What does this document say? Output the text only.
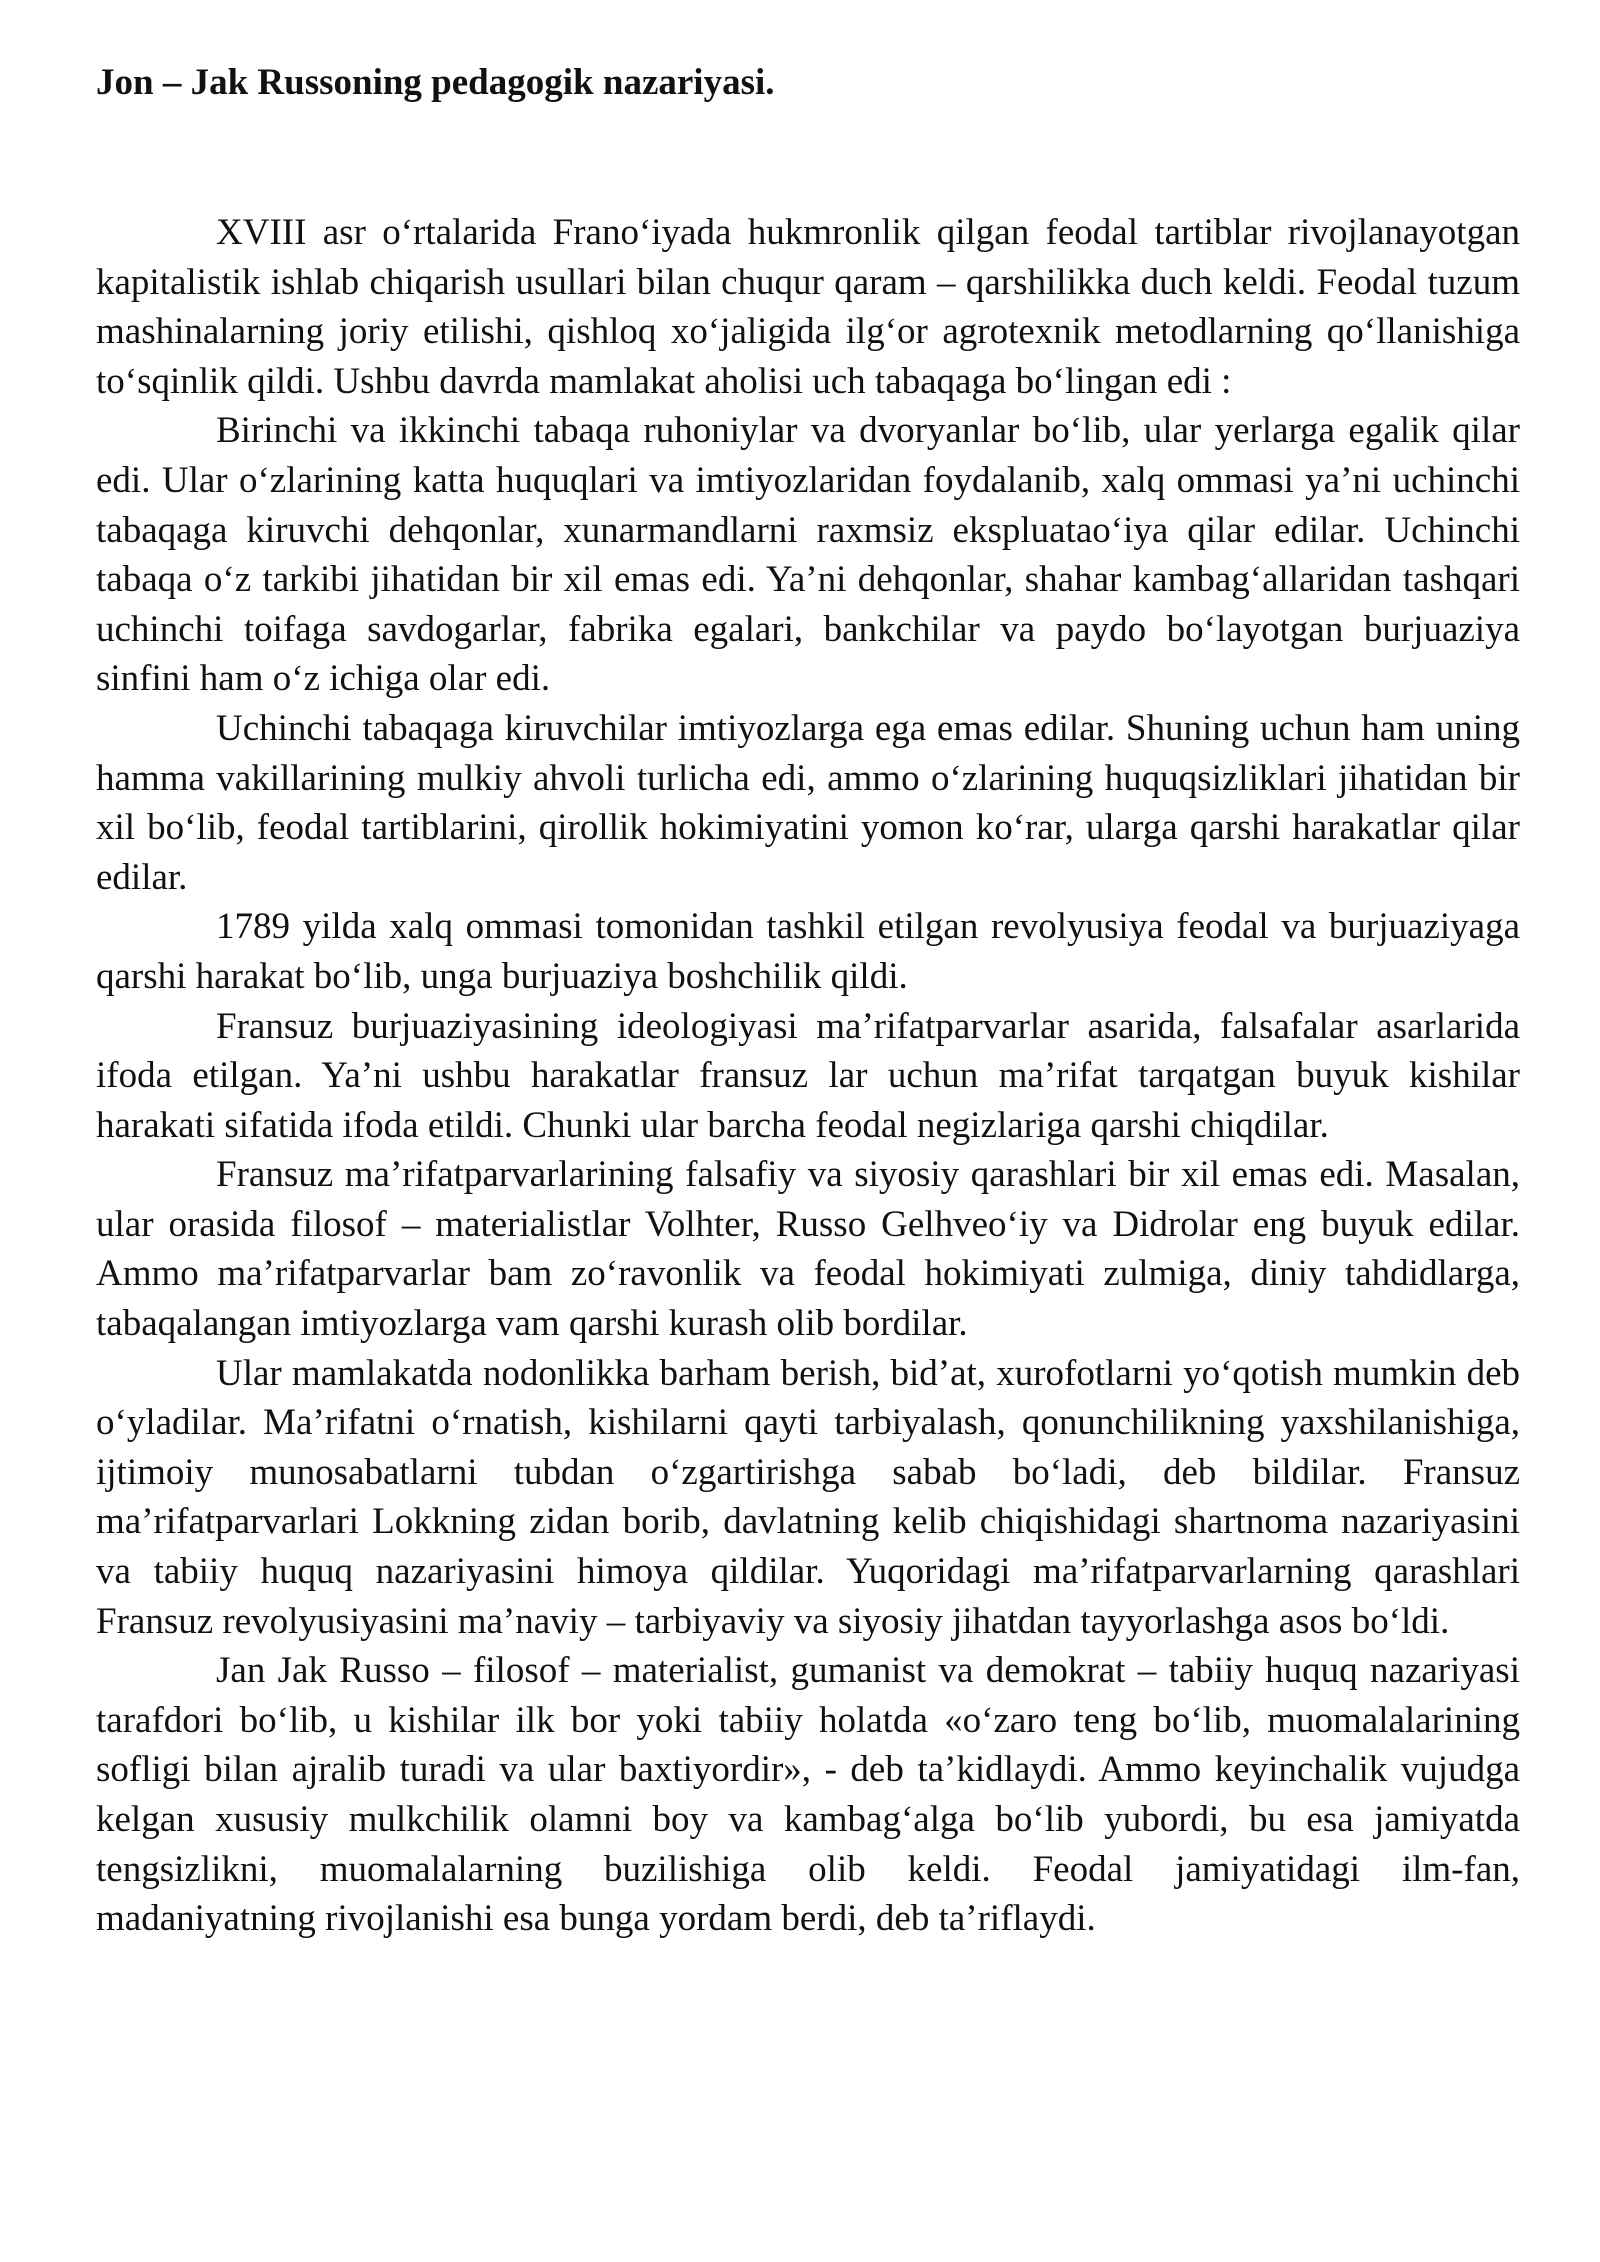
Jon – Jak Russoning pedagogik nazariyasi.

XVIII asr o‘rtalarida Frano‘iyada hukmronlik qilgan feodal tartiblar rivojlanayotgan kapitalistik ishlab chiqarish usullari bilan chuqur qaram – qarshilikka duch keldi. Feodal tuzum mashinalarning joriy etilishi, qishloq xo‘jaligida ilg‘or agrotexnik metodlarning qo‘llanishiga to‘sqinlik qildi. Ushbu davrda mamlakat aholisi uch tabaqaga bo‘lingan edi :

Birinchi va ikkinchi tabaqa ruhoniylar va dvoryanlar bo‘lib, ular yerlarga egalik qilar edi. Ular o‘zlarining katta huquqlari va imtiyozlaridan foydalanib, xalq ommasi ya’ni uchinchi tabaqaga kiruvchi dehqonlar, xunarmandlarni raxmsiz ekspluatao‘iya qilar edilar. Uchinchi tabaqa o‘z tarkibi jihatidan bir xil emas edi. Ya’ni dehqonlar, shahar kambag‘allaridan tashqari uchinchi toifaga savdogarlar, fabrika egalari, bankchilar va paydo bo‘layotgan burjuaziya sinfini ham o‘z ichiga olar edi.

Uchinchi tabaqaga kiruvchilar imtiyozlarga ega emas edilar. Shuning uchun ham uning hamma vakillarining mulkiy ahvoli turlicha edi, ammo o‘zlarining huquqsizliklari jihatidan bir xil bo‘lib, feodal tartiblarini, qirollik hokimiyatini yomon ko‘rar, ularga qarshi harakatlar qilar edilar.

1789 yilda xalq ommasi tomonidan tashkil etilgan revolyusiya feodal va burjuaziyaga qarshi harakat bo‘lib, unga burjuaziya boshchilik qildi.

Fransuz burjuaziyasining ideologiyasi ma’rifatparvarlar asarida, falsafalar asarlarida ifoda etilgan. Ya’ni ushbu harakatlar fransuz lar uchun ma’rifat tarqatgan buyuk kishilar harakati sifatida ifoda etildi. Chunki ular barcha feodal negizlariga qarshi chiqdilar.

Fransuz ma’rifatparvarlarining falsafiy va siyosiy qarashlari bir xil emas edi. Masalan, ular orasida filosof – materialistlar Volhter, Russo Gelhveo‘iy va Didrolar eng buyuk edilar. Ammo ma’rifatparvarlar bam zo‘ravonlik va feodal hokimiyati zulmiga, diniy tahdidlarga, tabaqalangan imtiyozlarga vam qarshi kurash olib bordilar.

Ular mamlakatda nodonlikka barham berish, bid’at, xurofotlarni yo‘qotish mumkin deb o‘yladilar. Ma’rifatni o‘rnatish, kishilarni qayti tarbiyalash, qonunchilikning yaxshilanishiga, ijtimoiy munosabatlarni tubdan o‘zgartirishga sabab bo‘ladi, deb bildilar. Fransuz ma’rifatparvarlari Lokkning zidan borib, davlatning kelib chiqishidagi shartnoma nazariyasini va tabiiy huquq nazariyasini himoya qildilar. Yuqoridagi ma’rifatparvarlarning qarashlari Fransuz revolyusiyasini ma’naviy – tarbiyaviy va siyosiy jihatdan tayyorlashga asos bo‘ldi.

Jan Jak Russo – filosof – materialist, gumanist va demokrat – tabiiy huquq nazariyasi tarafdori bo‘lib, u kishilar ilk bor yoki tabiiy holatda «o‘zaro teng bo‘lib, muomalalarining sofligi bilan ajralib turadi va ular baxtiyordir», - deb ta’kidlaydi. Ammo keyinchalik vujudga kelgan xususiy mulkchilik olamni boy va kambag‘alga bo‘lib yubordi, bu esa jamiyatda tengsizlikni, muomalalarning buzilishiga olib keldi. Feodal jamiyatidagi ilm-fan, madaniyatning rivojlanishi esa bunga yordam berdi, deb ta’riflaydi.
